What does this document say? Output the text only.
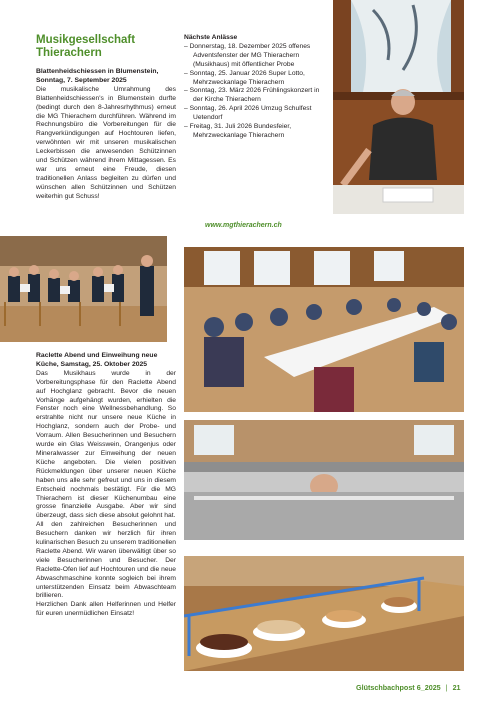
Musikgesellschaft
Thierachern
Blattenheidschiessen in Blumenstein,
Sonntag, 7. September 2025

Die musikalische Umrahmung des Blattenheidschiessen's in Blumenstein durfte (bedingt durch den 8-Jahresrhythmus) erneut die MG Thierachern durchführen. Während im Rechnungsbüro die Vorbereitungen für die Rangverkündigungen auf Hochtouren liefen, verwöhnten wir mit unseren musikalischen Leckerbissen die anwesenden Schützinnen und Schützen während ihrem Mittagessen. Es war uns erneut eine Freude, diesen traditionellen Anlass begleiten zu dürfen und wünschen allen Schützinnen und Schützen weiterhin gut Schuss!

Nächste Anlässe
– Donnerstag, 18. Dezember 2025 offenes Adventsfenster der MG Thierachern (Musikhaus) mit öffentlicher Probe
– Sonntag, 25. Januar 2026 Super Lotto, Mehrzweckanlage Thierachern
– Sonntag, 23. März 2026 Frühlingskonzert in der Kirche Thierachern
– Sonntag, 26. April 2026 Umzug Schulfest Uetendorf
– Freitag, 31. Juli 2026 Bundesfeier, Mehrzweckanlage Thierachern
www.mgthierachern.ch
Raclette Abend und Einweihung neue
Küche, Samstag, 25. Oktober 2025

Das Musikhaus wurde in der Vorbereitungsphase für den Raclette Abend auf Hochglanz gebracht. Bevor die neuen Vorhänge aufgehängt wurden, erhielten die Fenster noch eine Wellnessbehandlung. So erstrahlte nicht nur unsere neue Küche in Hochglanz, sondern auch der Probe- und Vorraum. Allen Besucherinnen und Besuchern wurde ein Glas Weisswein, Orangenjus oder Mineralwasser zur Einweihung der neuen Küche angeboten. Die vielen positiven Rückmeldungen über unserer neuen Küche haben uns alle sehr gefreut und uns in diesem Entscheid nochmals bestätigt. Für die MG Thierachern ist dieser Küchenumbau eine grosse finanzielle Ausgabe. Aber wir sind überzeugt, dass sich diese absolut gelohnt hat.

All den zahlreichen Besucherinnen und Besuchern danken wir herzlich für ihren kulinarischen Besuch zu unserem traditionellen Raclette Abend. Wir waren überwältigt über so viele Besucherinnen und Besucher. Der Raclette-Ofen lief auf Hochtouren und die neue Abwaschmaschine konnte sogleich bei ihrem unterstützenden Einsatz beim Abwaschteam brillieren.

Herzlichen Dank allen Helferinnen und Helfer für euren unermüdlichen Einsatz!

Glütschbachpost 6_2025 | 21
